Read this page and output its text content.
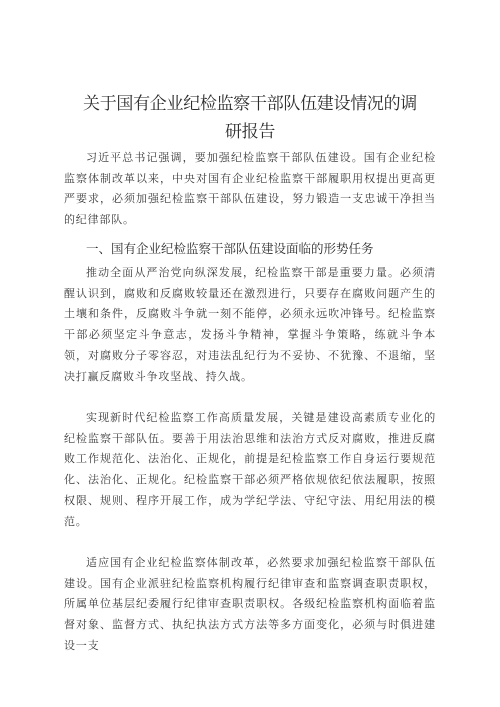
关于国有企业纪检监察干部队伍建设情况的调
研报告

习近平总书记强调，要加强纪检监察干部队伍建设。国有企业纪检监察体制改革以来，中央对国有企业纪检监察干部履职用权提出更高更严要求，必须加强纪检监察干部队伍建设，努力锻造一支忠诚干净担当的纪律部队。

一、国有企业纪检监察干部队伍建设面临的形势任务

推动全面从严治党向纵深发展，纪检监察干部是重要力量。必须清醒认识到，腐败和反腐败较量还在激烈进行，只要存在腐败问题产生的土壤和条件，反腐败斗争就一刻不能停，必须永远吹冲锋号。纪检监察干部必须坚定斗争意志，发扬斗争精神，掌握斗争策略，练就斗争本领，对腐败分子零容忍，对违法乱纪行为不妥协、不犹豫、不退缩，坚决打赢反腐败斗争攻坚战、持久战。

实现新时代纪检监察工作高质量发展，关键是建设高素质专业化的纪检监察干部队伍。要善于用法治思维和法治方式反对腐败，推进反腐败工作规范化、法治化、正规化，前提是纪检监察工作自身运行要规范化、法治化、正规化。纪检监察干部必须严格依规依纪依法履职，按照权限、规则、程序开展工作，成为学纪学法、守纪守法、用纪用法的模范。

适应国有企业纪检监察体制改革，必然要求加强纪检监察干部队伍建设。国有企业派驻纪检监察机构履行纪律审查和监察调查职责职权，所属单位基层纪委履行纪律审查职责职权。各级纪检监察机构面临着监督对象、监督方式、执纪执法方式方法等多方面变化，必须与时俱进建设一支
